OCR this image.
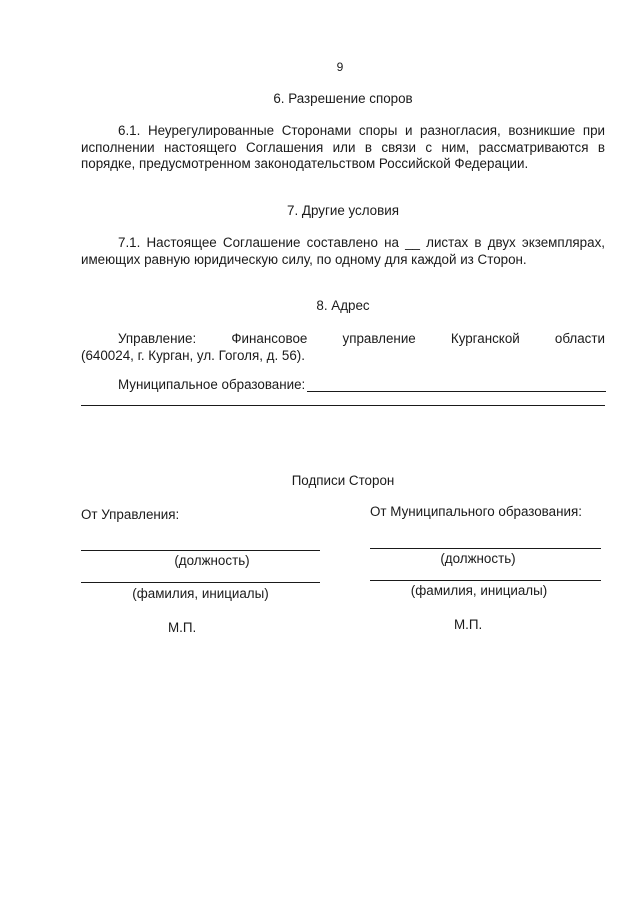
9
6. Разрешение споров
6.1. Неурегулированные Сторонами споры и разногласия, возникшие при исполнении настоящего Соглашения или в связи с ним, рассматриваются в порядке, предусмотренном законодательством Российской Федерации.
7. Другие условия
7.1. Настоящее Соглашение составлено на __ листах в двух экземплярах, имеющих равную юридическую силу, по одному для каждой из Сторон.
8. Адрес
Управление:	Финансовое	управление	Курганской	области
(640024, г. Курган, ул. Гоголя, д. 56).
Муниципальное образование:
Подписи Сторон
От Управления:
(должность)
(фамилия, инициалы)
М.П.
От Муниципального образования:
(должность)
(фамилия, инициалы)
М.П.
